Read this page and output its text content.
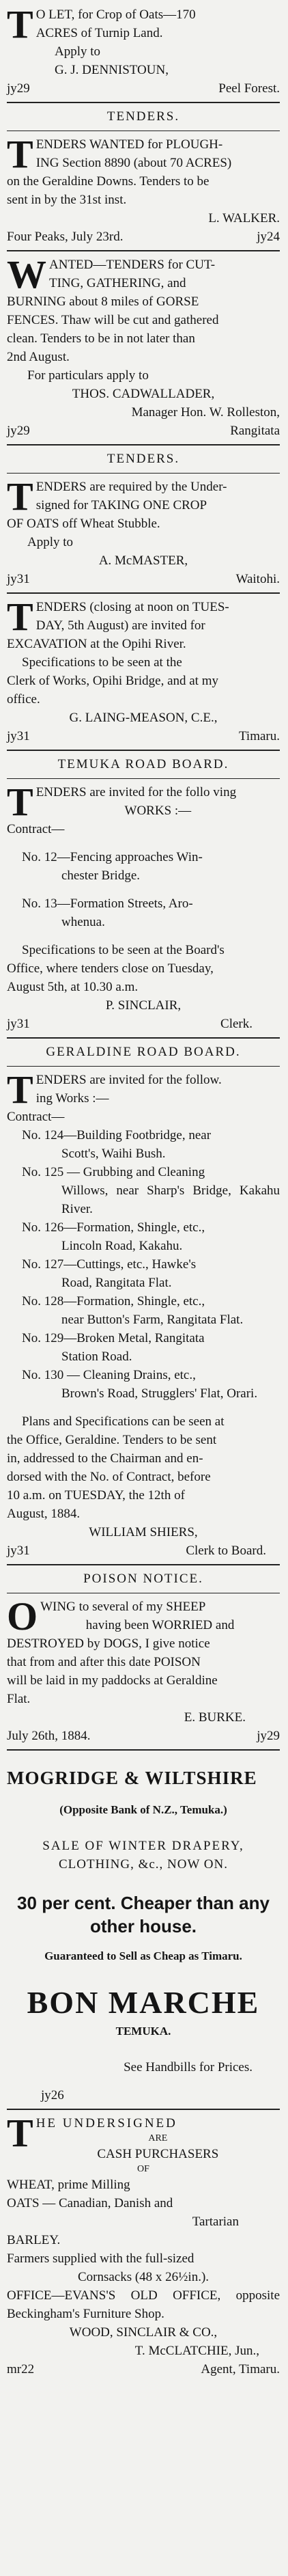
T O LET, for Crop of Oats—170

ACRES of Turnip Land.

Apply to

G. J. DENNISTOUN,

jy29	Peel Forest.

TENDERS.

T ENDERS WANTED for PLOUGH-

ING Section 8890 (about 70 ACRES)

on the Geraldine Downs. Tenders to be

sent in by the 31st inst.

L. WALKER.

Four Peaks, July 23rd.	jy24
W ANTED—TENDERS for CUT-

TING, GATHERING, and

BURNING about 8 miles of GORSE

FENCES. Thaw will be cut and gathered

clean. Tenders to be in not later than

2nd August.

For particulars apply to

THOS. CADWALLADER,

Manager Hon. W. Rolleston,

jy29	Rangitata

TENDERS.

T ENDERS are required by the Under-

signed for TAKING ONE CROP

OF OATS off Wheat Stubble.

Apply to

A. McMASTER,

jy31	Waitohi.
T ENDERS (closing at noon on TUES-

DAY, 5th August) are invited for

EXCAVATION at the Opihi River.

Specifications to be seen at the

Clerk of Works, Opihi Bridge, and at my

office.

G. LAING-MEASON, C.E.,

jy31	Timaru.

TEMUKA ROAD BOARD.

T ENDERS are invited for the follo ving

WORKS :—

Contract—

No. 12—Fencing approaches Win-

chester Bridge.

No. 13—Formation Streets, Aro-

whenua.

Specifications to be seen at the Board's

Office, where tenders close on Tuesday,

August 5th, at 10.30 a.m.

P. SINCLAIR,

jy31	Clerk.

GERALDINE ROAD BOARD.

T ENDERS are invited for the follow.

ing Works :—

Contract—

No. 124—Building Footbridge, near

Scott's, Waihi Bush.

No. 125 — Grubbing and Cleaning

Willows, near Sharp's Bridge, Kakahu River.

No. 126—Formation, Shingle, etc.,

Lincoln Road, Kakahu.

No. 127—Cuttings, etc., Hawke's

Road, Rangitata Flat.

No. 128—Formation, Shingle, etc.,

near Button's Farm, Rangitata Flat.

No. 129—Broken Metal, Rangitata

Station Road.

No. 130 — Cleaning Drains, etc.,

Brown's Road, Strugglers' Flat, Orari.

Plans and Specifications can be seen at

the Office, Geraldine. Tenders to be sent

in, addressed to the Chairman and en-

dorsed with the No. of Contract, before

10 a.m. on TUESDAY, the 12th of

August, 1884.

WILLIAM SHIERS,

jy31	Clerk to Board.

POISON NOTICE.

O WING to several of my SHEEP

having been WORRIED and

DESTROYED by DOGS, I give notice

that from and after this date POISON

will be laid in my paddocks at Geraldine

Flat.

E. BURKE.

July 26th, 1884.	jy29

MOGRIDGE & WILTSHIRE

(Opposite Bank of N.Z., Temuka.)

SALE OF WINTER DRAPERY,

CLOTHING, &c., NOW ON.

30 per cent. Cheaper than any

other house.

Guaranteed to Sell as Cheap as Timaru.

BON MARCHE

TEMUKA.

See Handbills for Prices.

jy26

T HE UNDERSIGNED

ARE

CASH PURCHASERS

OF

WHEAT, prime Milling

OATS — Canadian, Danish and

Tartarian

BARLEY.

Farmers supplied with the full-sized

Cornsacks (48 x 26½in.).

OFFICE—EVANS'S OLD OFFICE, opposite Beckingham's Furniture Shop.

WOOD, SINCLAIR & CO.,

T. McCLATCHIE, Jun.,

mr22	Agent, Timaru.
